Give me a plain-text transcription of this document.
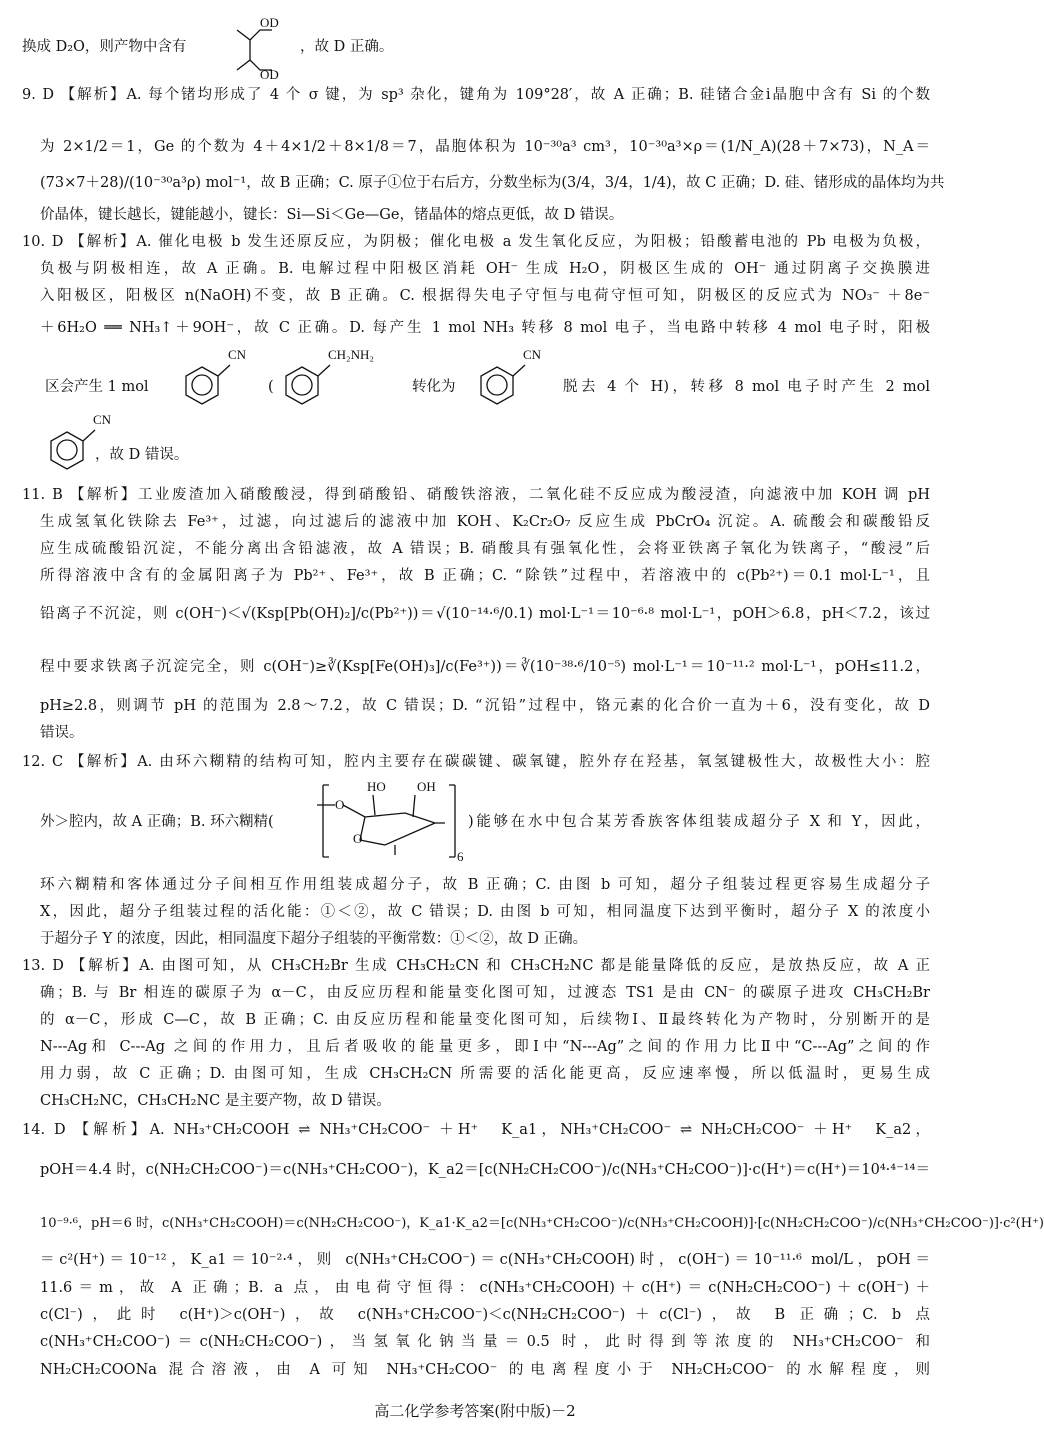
换成 D₂O，则产物中含有
OD
OD
，故 D 正确。
9. D 【解析】A. 每个锗均形成了 4 个 σ 键，为 sp³ 杂化，键角为 109°28′，故 A 正确；B. 硅锗合金ⅰ晶胞中含有 Si 的个数
为 2×1/2＝1，Ge 的个数为 4＋4×1/2＋8×1/8＝7，晶胞体积为 10⁻³⁰a³ cm³，10⁻³⁰a³×ρ＝(1/N_A)(28＋7×73)，N_A＝
(73×7＋28)/(10⁻³⁰a³ρ) mol⁻¹，故 B 正确；C. 原子①位于右后方，分数坐标为(3/4，3/4，1/4)，故 C 正确；D. 硅、锗形成的晶体均为共
价晶体，键长越长，键能越小，键长：Si—Si＜Ge—Ge，锗晶体的熔点更低，故 D 错误。
10. D 【解析】A. 催化电极 b 发生还原反应，为阴极；催化电极 a 发生氧化反应，为阳极；铅酸蓄电池的 Pb 电极为负极，
负极与阴极相连，故 A 正确。B. 电解过程中阳极区消耗 OH⁻ 生成 H₂O，阴极区生成的 OH⁻ 通过阴离子交换膜进
入阳极区，阳极区 n(NaOH)不变，故 B 正确。C. 根据得失电子守恒与电荷守恒可知，阴极区的反应式为 NO₃⁻ ＋8e⁻
＋6H₂O ══ NH₃↑＋9OH⁻，故 C 正确。D. 每产生 1 mol NH₃ 转移 8 mol 电子，当电路中转移 4 mol 电子时，阳极
区会产生 1 mol
CN
(
CH₂NH₂
转化为
CN
脱去 4 个 H)，转移 8 mol 电子时产生 2 mol
CN
，故 D 错误。
11. B 【解析】工业废渣加入硝酸酸浸，得到硝酸铅、硝酸铁溶液，二氧化硅不反应成为酸浸渣，向滤液中加 KOH 调 pH
生成氢氧化铁除去 Fe³⁺，过滤，向过滤后的滤液中加 KOH、K₂Cr₂O₇ 反应生成 PbCrO₄ 沉淀。A. 硫酸会和碳酸铅反
应生成硫酸铅沉淀，不能分离出含铅滤液，故 A 错误；B. 硝酸具有强氧化性，会将亚铁离子氧化为铁离子，“酸浸”后
所得溶液中含有的金属阳离子为 Pb²⁺、Fe³⁺，故 B 正确；C. “除铁”过程中，若溶液中的 c(Pb²⁺)＝0.1 mol·L⁻¹，且
铅离子不沉淀，则 c(OH⁻)＜√(Ksp[Pb(OH)₂]/c(Pb²⁺))＝√(10⁻¹⁴·⁶/0.1) mol·L⁻¹＝10⁻⁶·⁸ mol·L⁻¹，pOH＞6.8，pH＜7.2，该过
程中要求铁离子沉淀完全，则 c(OH⁻)≥∛(Ksp[Fe(OH)₃]/c(Fe³⁺))＝∛(10⁻³⁸·⁶/10⁻⁵) mol·L⁻¹＝10⁻¹¹·² mol·L⁻¹，pOH≤11.2，
pH≥2.8，则调节 pH 的范围为 2.8～7.2，故 C 错误；D. “沉铅”过程中，铬元素的化合价一直为＋6，没有变化，故 D
错误。
12. C 【解析】A. 由环六糊精的结构可知，腔内主要存在碳碳键、碳氧键，腔外存在羟基，氧氢键极性大，故极性大小：腔
外＞腔内，故 A 正确；B. 环六糊精(
O
HO OH
O
6
)能够在水中包合某芳香族客体组装成超分子 X 和 Y，因此，
环六糊精和客体通过分子间相互作用组装成超分子，故 B 正确；C. 由图 b 可知，超分子组装过程更容易生成超分子
X，因此，超分子组装过程的活化能：①＜②，故 C 错误；D. 由图 b 可知，相同温度下达到平衡时，超分子 X 的浓度小
于超分子 Y 的浓度，因此，相同温度下超分子组装的平衡常数：①＜②，故 D 正确。
13. D 【解析】A. 由图可知，从 CH₃CH₂Br 生成 CH₃CH₂CN 和 CH₃CH₂NC 都是能量降低的反应，是放热反应，故 A 正
确；B. 与 Br 相连的碳原子为 α－C，由反应历程和能量变化图可知，过渡态 TS1 是由 CN⁻ 的碳原子进攻 CH₃CH₂Br
的 α－C，形成 C—C，故 B 正确；C. 由反应历程和能量变化图可知，后续物Ⅰ、Ⅱ最终转化为产物时，分别断开的是
N---Ag和 C---Ag 之间的作用力，且后者吸收的能量更多，即Ⅰ中“N---Ag”之间的作用力比Ⅱ中“C---Ag”之间的作
用力弱，故 C 正确；D. 由图可知，生成 CH₃CH₂CN 所需要的活化能更高，反应速率慢，所以低温时，更易生成
CH₃CH₂NC，CH₃CH₂NC 是主要产物，故 D 错误。
14. D 【解析】A. NH₃⁺CH₂COOH ⇌ NH₃⁺CH₂COO⁻ ＋H⁺　K_a1，NH₃⁺CH₂COO⁻ ⇌ NH₂CH₂COO⁻ ＋H⁺　K_a2，
pOH＝4.4 时，c(NH₂CH₂COO⁻)＝c(NH₃⁺CH₂COO⁻)，K_a2＝[c(NH₂CH₂COO⁻)/c(NH₃⁺CH₂COO⁻)]·c(H⁺)＝c(H⁺)＝10⁴·⁴⁻¹⁴＝
10⁻⁹·⁶，pH＝6 时，c(NH₃⁺CH₂COOH)＝c(NH₂CH₂COO⁻)，K_a1·K_a2＝[c(NH₃⁺CH₂COO⁻)/c(NH₃⁺CH₂COOH)]·[c(NH₂CH₂COO⁻)/c(NH₃⁺CH₂COO⁻)]·c²(H⁺)
＝c²(H⁺)＝10⁻¹²，K_a1＝10⁻²·⁴，则 c(NH₃⁺CH₂COO⁻)＝c(NH₃⁺CH₂COOH)时，c(OH⁻)＝10⁻¹¹·⁶ mol/L，pOH＝
11.6＝m，故 A 正确；B. a 点，由电荷守恒得：c(NH₃⁺CH₂COOH)＋c(H⁺)＝c(NH₂CH₂COO⁻)＋c(OH⁻)＋
c(Cl⁻)，此时 c(H⁺)＞c(OH⁻)，故 c(NH₃⁺CH₂COO⁻)＜c(NH₂CH₂COO⁻)＋c(Cl⁻)，故 B 正确；C. b 点
c(NH₃⁺CH₂COO⁻)＝c(NH₂CH₂COO⁻)，当氢氧化钠当量＝0.5 时，此时得到等浓度的 NH₃⁺CH₂COO⁻ 和
NH₂CH₂COONa 混合溶液，由 A 可知 NH₃⁺CH₂COO⁻ 的电离程度小于 NH₂CH₂COO⁻ 的水解程度，则
高二化学参考答案(附中版)－2
